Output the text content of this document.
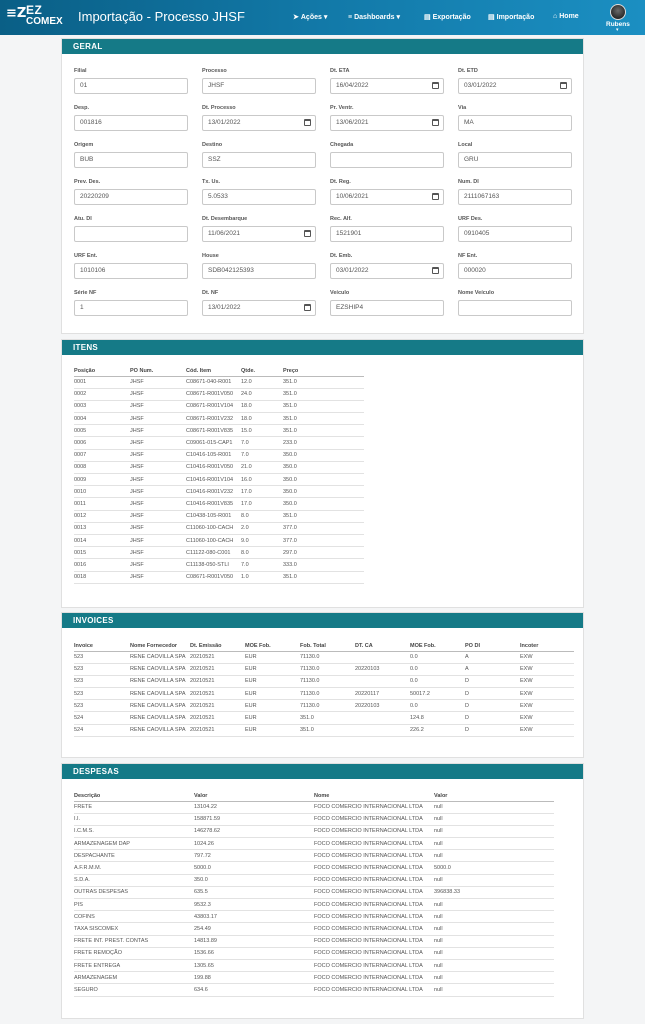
≡Z EZ
COMEX Importação - Processo JHSF	➤ Ações ▾	≡ Dashboards ▾	▤ Exportação ▤ Importação	⌂ Home
Rubens
▾
GERAL
Filial
01
Processo
JHSF
Dt. ETA
16/04/2022
Dt. ETD
03/01/2022
Desp.
001816
Dt. Processo
13/01/2022
Pr. Ventr.
13/06/2021
Via
MA
Origem
BUB
Destino
SSZ
Chegada	Local
GRU
Prev. Des.
20220209
Tx. Us.
5.0533
Dt. Reg.
10/06/2021
Num. DI
2111067163
Atu. DI	Dt. Desembarque
11/06/2021
Rec. Alf.
1521901
URF Des.
0910405
URF Ent.
1010106
House
SDB042125393
Dt. Emb.
03/01/2022
NF Ent.
000020
Série NF
1
Dt. NF
13/01/2022
Veículo
EZSHIP4
Nome Veículo
ITENS
Posição	PO Num.	Cód. Item	Qtde.	Preço
0001	JHSF	C08671-040-R001	12.0	351.0
0002	JHSF	C08671-R001V050	24.0	351.0
0003	JHSF	C08671-R001V104	18.0	351.0
0004	JHSF	C08671-R001V232	18.0	351.0
0005	JHSF	C08671-R001V835	15.0	351.0
0006	JHSF	C09061-015-CAP1	7.0	233.0
0007	JHSF	C10416-105-R001	7.0	350.0
0008	JHSF	C10416-R001V050	21.0	350.0
0009	JHSF	C10416-R001V104	16.0	350.0
0010	JHSF	C10416-R001V232	17.0	350.0
0011	JHSF	C10416-R001V835	17.0	350.0
0012	JHSF	C10438-105-R001	8.0	351.0
0013	JHSF	C11060-100-CACH	2.0	377.0
0014	JHSF	C11060-100-CACH	9.0	377.0
0015	JHSF	C11122-080-C001	8.0	297.0
0016	JHSF	C11138-050-STLI	7.0	333.0
0018	JHSF	C08671-R001V050	1.0	351.0
INVOICES
Invoice	Nome Fornecedor	Dt. Emissão	MOE Fob.	Fob. Total	DT. CA	MOE Fob.	PO DI	Incoter
523	RENE CAOVILLA SPA	20210521	EUR	71130.0		0.0	A	EXW
523	RENE CAOVILLA SPA	20210521	EUR	71130.0	20220103	0.0	A	EXW
523	RENE CAOVILLA SPA	20210521	EUR	71130.0		0.0	D	EXW
523	RENE CAOVILLA SPA	20210521	EUR	71130.0	20220117	50017.2	D	EXW
523	RENE CAOVILLA SPA	20210521	EUR	71130.0	20220103	0.0	D	EXW
524	RENE CAOVILLA SPA	20210521	EUR	351.0		124.8	D	EXW
524	RENE CAOVILLA SPA	20210521	EUR	351.0		226.2	D	EXW
DESPESAS
Descrição	Valor	Nome	Valor
FRETE	13104.22	FOCO COMERCIO INTERNACIONAL LTDA	null
I.I.	158871.59	FOCO COMERCIO INTERNACIONAL LTDA	null
I.C.M.S.	146278.62	FOCO COMERCIO INTERNACIONAL LTDA	null
ARMAZENAGEM DAP	1024.26	FOCO COMERCIO INTERNACIONAL LTDA	null
DESPACHANTE	797.72	FOCO COMERCIO INTERNACIONAL LTDA	null
A.F.R.M.M.	5000.0	FOCO COMERCIO INTERNACIONAL LTDA	5000.0
S.D.A.	350.0	FOCO COMERCIO INTERNACIONAL LTDA	null
OUTRAS DESPESAS	635.5	FOCO COMERCIO INTERNACIONAL LTDA	396838.33
PIS	9532.3	FOCO COMERCIO INTERNACIONAL LTDA	null
COFINS	43803.17	FOCO COMERCIO INTERNACIONAL LTDA	null
TAXA SISCOMEX	254.49	FOCO COMERCIO INTERNACIONAL LTDA	null
FRETE INT. PREST. CONTAS	14813.89	FOCO COMERCIO INTERNACIONAL LTDA	null
FRETE REMOÇÃO	1536.66	FOCO COMERCIO INTERNACIONAL LTDA	null
FRETE ENTREGA	1305.65	FOCO COMERCIO INTERNACIONAL LTDA	null
ARMAZENAGEM	199.88	FOCO COMERCIO INTERNACIONAL LTDA	null
SEGURO	634.6	FOCO COMERCIO INTERNACIONAL LTDA	null
